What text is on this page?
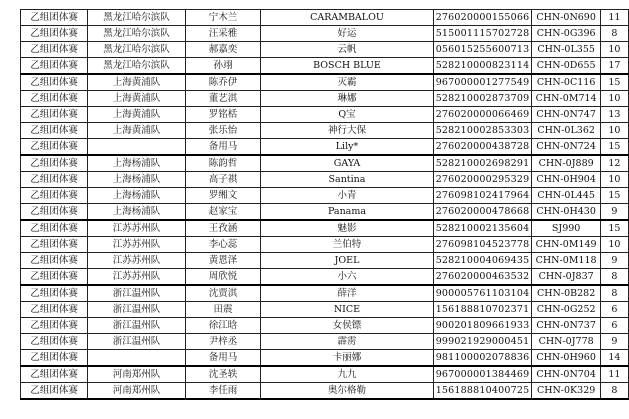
乙组团体赛	黑龙江哈尔滨队	宁木兰	CARAMBALOU	276020000155066	CHN-0N690	11
乙组团体赛	黑龙江哈尔滨队	汪采雅	好运	515001115702728	CHN-0G396	8
乙组团体赛	黑龙江哈尔滨队	郝嘉奕	云帆	056015255600713	CHN-0L355	10
乙组团体赛	黑龙江哈尔滨队	孙翊	BOSCH BLUE	528210000823114	CHN-0D655	17
乙组团体赛	上海黄浦队	陈乔伊	灭霸	967000001277549	CHN-0C116	15
乙组团体赛	上海黄浦队	董艺淇	琳娜	528210002873709	CHN-0M714	10
乙组团体赛	上海黄浦队	罗铭栝	Q宝	276020000066469	CHN-0N747	13
乙组团体赛	上海黄浦队	张乐怡	神行大保	528210002853303	CHN-0L362	10
乙组团体赛		备用马	Lily*	276020000438728	CHN-0N724	15
乙组团体赛	上海杨浦队	陈韵哲	GAYA	528210002698291	CHN-0J889	12
乙组团体赛	上海杨浦队	高子祺	Santina	276020000295329	CHN-0H904	10
乙组团体赛	上海杨浦队	罗缃文	小青	276098102417964	CHN-0L445	15
乙组团体赛	上海杨浦队	赵家宝	Panama	276020000478668	CHN-0H430	9
乙组团体赛	江苏苏州队	王孜涵	魅影	528210002135604	SJ990	15
乙组团体赛	江苏苏州队	李心蕊	兰伯特	276098104523778	CHN-0M149	10
乙组团体赛	江苏苏州队	黄恩泽	JOEL	528210004069435	CHN-0M118	9
乙组团体赛	江苏苏州队	周欣悦	小六	276020000463532	CHN-0J837	8
乙组团体赛	浙江温州队	沈贾淇	薛洋	900005761103104	CHN-0B282	8
乙组团体赛	浙江温州队	田震	NICE	156188810702371	CHN-0G252	6
乙组团体赛	浙江温州队	徐江晗	女侯镖	900201809661933	CHN-0N737	6
乙组团体赛	浙江温州队	尹梓丞	霹雳	999021929000451	CHN-0J778	9
乙组团体赛		备用马	卡丽娜	981100002078836	CHN-0H960	14
乙组团体赛	河南郑州队	沈圣轶	九九	967000001384469	CHN-0N704	11
乙组团体赛	河南郑州队	李任雨	奥尔格勒	156188810400725	CHN-0K329	8
